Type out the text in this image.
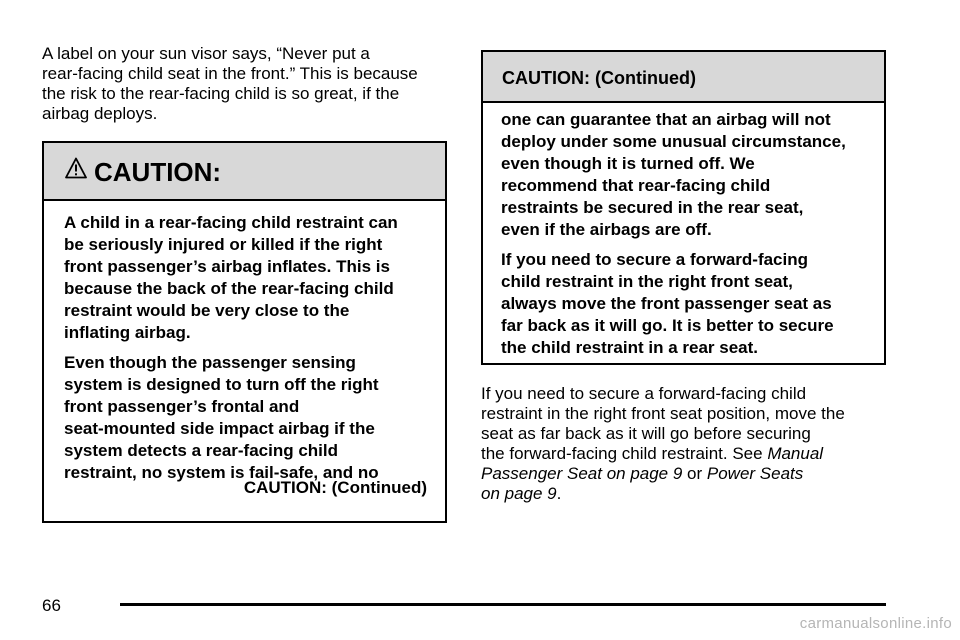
A label on your sun visor says, “Never put a
rear-facing child seat in the front.” This is because
the risk to the rear-facing child is so great, if the
airbag deploys.
CAUTION:

A child in a rear-facing child restraint can
be seriously injured or killed if the right
front passenger’s airbag inflates. This is
because the back of the rear-facing child
restraint would be very close to the
inflating airbag.

Even though the passenger sensing
system is designed to turn off the right
front passenger’s frontal and
seat-mounted side impact airbag if the
system detects a rear-facing child
restraint, no system is fail-safe, and no

CAUTION: (Continued)
CAUTION: (Continued)

one can guarantee that an airbag will not
deploy under some unusual circumstance,
even though it is turned off. We
recommend that rear-facing child
restraints be secured in the rear seat,
even if the airbags are off.

If you need to secure a forward-facing
child restraint in the right front seat,
always move the front passenger seat as
far back as it will go. It is better to secure
the child restraint in a rear seat.

If you need to secure a forward-facing child
restraint in the right front seat position, move the
seat as far back as it will go before securing
the forward-facing child restraint. See Manual
Passenger Seat on page 9 or Power Seats
on page 9.
66
carmanualsonline.info
